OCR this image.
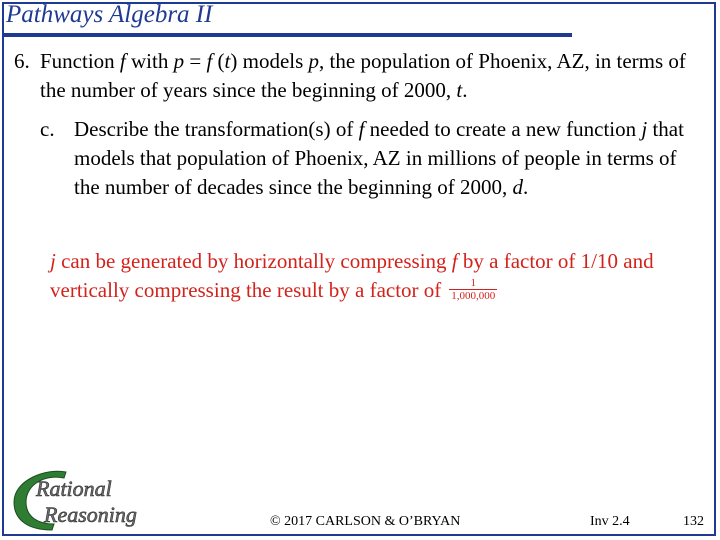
Pathways Algebra II
6. Function f with p = f (t) models p, the population of Phoenix, AZ, in terms of the number of years since the beginning of 2000, t.
c. Describe the transformation(s) of f needed to create a new function j that models that population of Phoenix, AZ in millions of people in terms of the number of decades since the beginning of 2000, d.
j can be generated by horizontally compressing f by a factor of 1/10 and vertically compressing the result by a factor of $\frac{1}{1,000,000}$
Rational
Reasoning	© 2017 CARLSON & O’BRYAN	Inv 2.4	132
